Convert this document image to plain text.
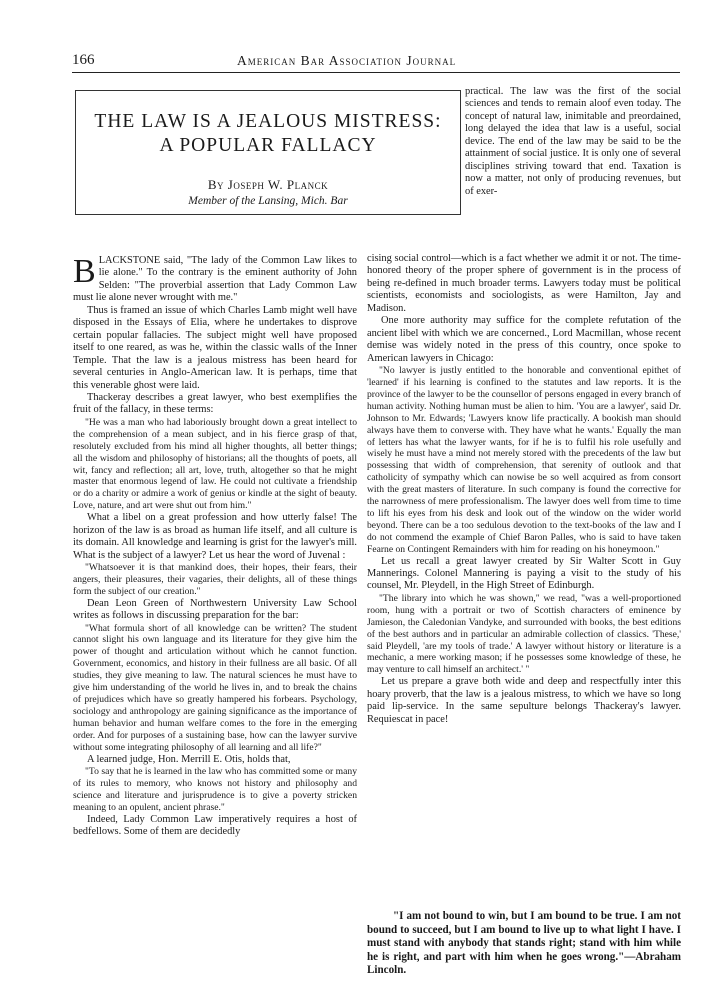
166	American Bar Association Journal
THE LAW IS A JEALOUS MISTRESS:
A POPULAR FALLACY
By Joseph W. Planck
Member of the Lansing, Mich. Bar

practical. The law was the first of the social sciences and tends to remain aloof even today. The concept of natural law, inimitable and preordained, long delayed the idea that law is a useful, social device. The end of the law may be said to be the attainment of social justice. It is only one of several disciplines striving toward that end. Taxation is now a matter, not only of producing revenues, but of exer-

BLACKSTONE said, "The lady of the Common Law likes to lie alone." To the contrary is the eminent authority of John Selden: "The proverbial assertion that Lady Common Law must lie alone never wrought with me."

Thus is framed an issue of which Charles Lamb might well have disposed in the Essays of Elia, where he undertakes to disprove certain popular fallacies. The subject might well have proposed itself to one reared, as was he, within the classic walls of the Inner Temple. That the law is a jealous mistress has been heard for several centuries in Anglo-American law. It is perhaps, time that this venerable ghost were laid.

Thackeray describes a great lawyer, who best exemplifies the fruit of the fallacy, in these terms:

"He was a man who had laboriously brought down a great intellect to the comprehension of a mean subject, and in his fierce grasp of that, resolutely excluded from his mind all higher thoughts, all better things; all the wisdom and philosophy of historians; all the thoughts of poets, all wit, fancy and reflection; all art, love, truth, altogether so that he might master that enormous legend of law. He could not cultivate a friendship or do a charity or admire a work of genius or kindle at the sight of beauty. Love, nature, and art were shut out from him."

What a libel on a great profession and how utterly false! The horizon of the law is as broad as human life itself, and all culture is its domain. All knowledge and learning is grist for the lawyer's mill. What is the subject of a lawyer? Let us hear the word of Juvenal :

"Whatsoever it is that mankind does, their hopes, their fears, their angers, their pleasures, their vagaries, their delights, all of these things form the subject of our creation."

Dean Leon Green of Northwestern University Law School writes as follows in discussing preparation for the bar:

"What formula short of all knowledge can be written? The student cannot slight his own language and its literature for they give him the power of thought and articulation without which he cannot function. Government, economics, and history in their fullness are all basic. Of all studies, they give meaning to law. The natural sciences he must have to give him understanding of the world he lives in, and to break the chains of prejudices which have so greatly hampered his forbears. Psychology, sociology and anthropology are gaining significance as the importance of human behavior and human welfare comes to the fore in the emerging order. And for purposes of a sustaining base, how can the lawyer survive without some integrating philosophy of all learning and all life?"

A learned judge, Hon. Merrill E. Otis, holds that,

"To say that he is learned in the law who has committed some or many of its rules to memory, who knows not history and philosophy and science and literature and jurisprudence is to give a poverty stricken meaning to an opulent, ancient phrase."

Indeed, Lady Common Law imperatively requires a host of bedfellows. Some of them are decidedly

cising social control—which is a fact whether we admit it or not. The time-honored theory of the proper sphere of government is in the process of being re-defined in much broader terms. Lawyers today must be political scientists, economists and sociologists, as were Hamilton, Jay and Madison.

One more authority may suffice for the complete refutation of the ancient libel with which we are concerned., Lord Macmillan, whose recent demise was widely noted in the press of this country, once spoke to American lawyers in Chicago:

"No lawyer is justly entitled to the honorable and conventional epithet of 'learned' if his learning is confined to the statutes and law reports. It is the province of the lawyer to be the counsellor of persons engaged in every branch of human activity. Nothing human must be alien to him. 'You are a lawyer', said Dr. Johnson to Mr. Edwards; 'Lawyers know life practically. A bookish man should always have them to converse with. They have what he wants.' Equally the man of letters has what the lawyer wants, for if he is to fulfil his role usefully and wisely he must have a mind not merely stored with the precedents of the law but possessing that width of comprehension, that serenity of outlook and that catholicity of sympathy which can nowise be so well acquired as from consort with the great masters of literature. In such company is found the corrective for the narrowness of mere professionalism. The lawyer does well from time to time to lift his eyes from his desk and look out of the window on the wider world beyond. There can be a too sedulous devotion to the text-books of the law and I do not commend the example of Chief Baron Palles, who is said to have taken Fearne on Contingent Remainders with him for reading on his honeymoon."

Let us recall a great lawyer created by Sir Walter Scott in Guy Mannerings. Colonel Mannering is paying a visit to the study of his counsel, Mr. Pleydell, in the High Street of Edinburgh.

"The library into which he was shown," we read, "was a well-proportioned room, hung with a portrait or two of Scottish characters of eminence by Jamieson, the Caledonian Vandyke, and surrounded with books, the best editions of the best authors and in particular an admirable collection of classics. 'These,' said Pleydell, 'are my tools of trade.' A lawyer without history or literature is a mechanic, a mere working mason; if he possesses some knowledge of these, he may venture to call himself an architect.' "

Let us prepare a grave both wide and deep and respectfully inter this hoary proverb, that the law is a jealous mistress, to which we have so long paid lip-service. In the same sepulture belongs Thackeray's lawyer. Requiescat in pace!

"I am not bound to win, but I am bound to be true. I am not bound to succeed, but I am bound to live up to what light I have. I must stand with anybody that stands right; stand with him while he is right, and part with him when he goes wrong."—Abraham Lincoln.
